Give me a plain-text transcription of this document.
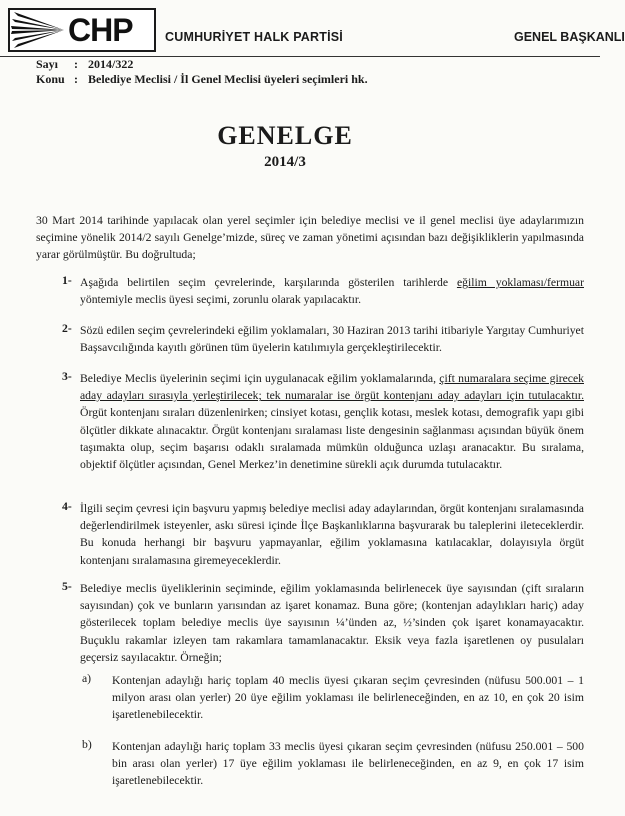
CHP	CUMHURİYET HALK PARTİSİ	GENEL BAŞKANLI
Sayı : 2014/322
Konu : Belediye Meclisi / İl Genel Meclisi üyeleri seçimleri hk.
GENELGE
2014/3
30 Mart 2014 tarihinde yapılacak olan yerel seçimler için belediye meclisi ve il genel meclisi üye adaylarımızın seçimine yönelik 2014/2 sayılı Genelge’mizde, süreç ve zaman yönetimi açısından bazı değişikliklerin yapılmasında yarar görülmüştür. Bu doğrultuda;
1- Aşağıda belirtilen seçim çevrelerinde, karşılarında gösterilen tarihlerde eğilim yoklaması/fermuar yöntemiyle meclis üyesi seçimi, zorunlu olarak yapılacaktır.
2- Sözü edilen seçim çevrelerindeki eğilim yoklamaları, 30 Haziran 2013 tarihi itibariyle Yargıtay Cumhuriyet Başsavcılığında kayıtlı görünen tüm üyelerin katılımıyla gerçekleştirilecektir.
3- Belediye Meclis üyelerinin seçimi için uygulanacak eğilim yoklamalarında, çift numaralara seçime girecek aday adayları sırasıyla yerleştirilecek; tek numaralar ise örgüt kontenjanı aday adayları için tutulacaktır. Örgüt kontenjanı sıraları düzenlenirken; cinsiyet kotası, gençlik kotası, meslek kotası, demografik yapı gibi ölçütler dikkate alınacaktır. Örgüt kontenjanı sıralaması liste dengesinin sağlanması açısından büyük önem taşımakta olup, seçim başarısı odaklı sıralamada mümkün olduğunca uzlaşı aranacaktır. Bu sıralama, objektif ölçütler açısından, Genel Merkez’in denetimine sürekli açık durumda tutulacaktır.
4- İlgili seçim çevresi için başvuru yapmış belediye meclisi aday adaylarından, örgüt kontenjanı sıralamasında değerlendirilmek isteyenler, askı süresi içinde İlçe Başkanlıklarına başvurarak bu taleplerini ileteceklerdir. Bu konuda herhangi bir başvuru yapmayanlar, eğilim yoklamasına katılacaklar, dolayısıyla örgüt kontenjanı sıralamasına giremeyeceklerdir.
5- Belediye meclis üyeliklerinin seçiminde, eğilim yoklamasında belirlenecek üye sayısından (çift sıraların sayısından) çok ve bunların yarısından az işaret konamaz. Buna göre; (kontenjan adaylıkları hariç) aday gösterilecek toplam belediye meclis üye sayısının ¼’ünden az, ½’sinden çok işaret konamayacaktır. Buçuklu rakamlar izleyen tam rakamlara tamamlanacaktır. Eksik veya fazla işaretlenen oy pusulaları geçersiz sayılacaktır. Örneğin;
a) Kontenjan adaylığı hariç toplam 40 meclis üyesi çıkaran seçim çevresinden (nüfusu 500.001 – 1 milyon arası olan yerler) 20 üye eğilim yoklaması ile belirleneceğinden, en az 10, en çok 20 isim işaretlenebilecektir.
b) Kontenjan adaylığı hariç toplam 33 meclis üyesi çıkaran seçim çevresinden (nüfusu 250.001 – 500 bin arası olan yerler) 17 üye eğilim yoklaması ile belirleneceğinden, en az 9, en çok 17 isim işaretlenebilecektir.
